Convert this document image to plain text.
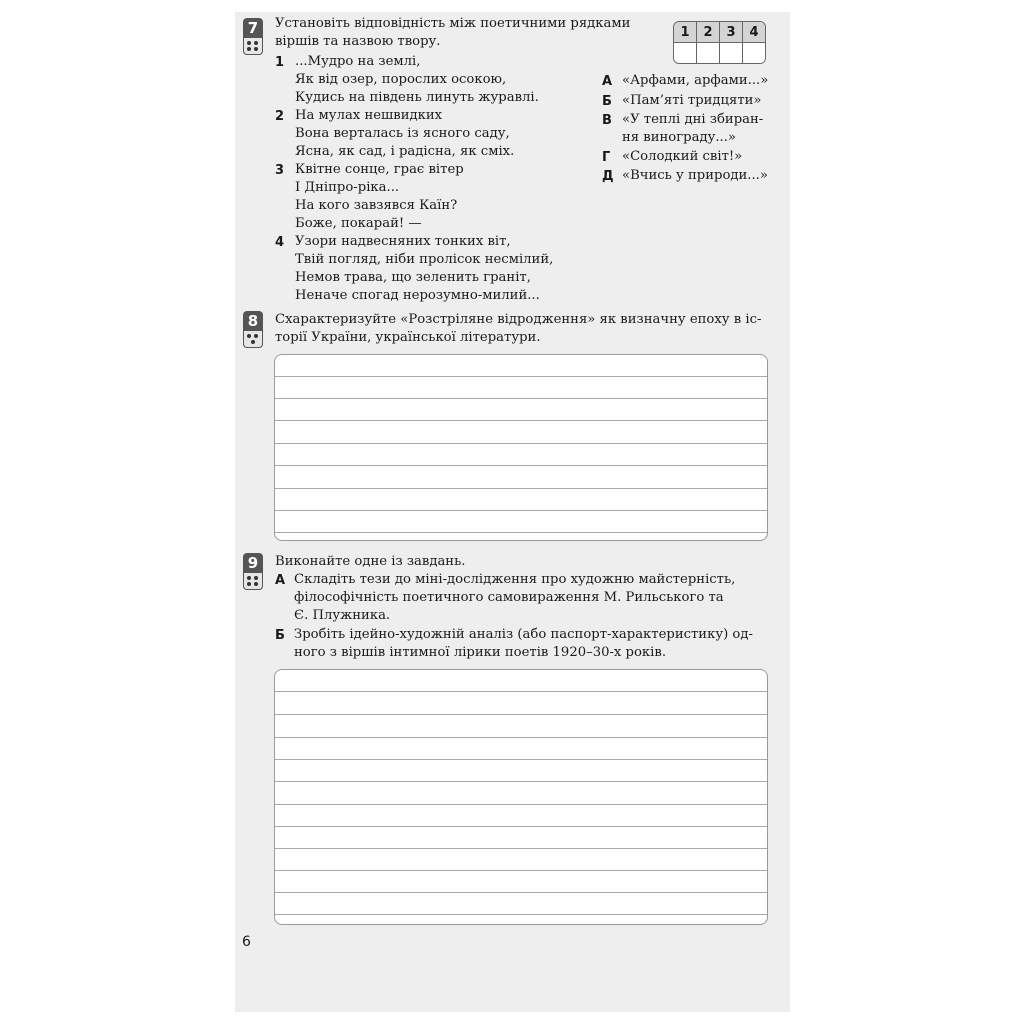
7	Установіть відповідність між поетичними рядками
віршів та назвою твору.
1	2	3	4

1 ...Мудро на землі,
Як від озер, порослих осокою,
Кудись на південь линуть журавлі.
2 На мулах нешвидких
Вона верталась із ясного саду,
Ясна, як сад, і радісна, як сміх.
3 Квітне сонце, грає вітер
І Дніпро-ріка...
На кого завзявся Каїн?
Боже, покарай! —
4 Узори надвесняних тонких віт,
Твій погляд, ніби пролісок несмілий,
Немов трава, що зеленить граніт,
Неначе спогад нерозумно-милий...
А «Арфами, арфами...»
Б «Пам’яті тридцяти»
В «У теплі дні збиран-
ня винограду...»
Г «Солодкий світ!»
Д «Вчись у природи...»
8	Схарактеризуйте «Розстріляне відродження» як визначну епоху в іс-
торії України, української літератури.
9	Виконайте одне із завдань.
А Складіть тези до міні-дослідження про художню майстерність,
філософічність поетичного самовираження М. Рильського та
Є. Плужника.
Б Зробіть ідейно-художній аналіз (або паспорт-характеристику) од-
ного з віршів інтимної лірики поетів 1920–30-х років.
6
